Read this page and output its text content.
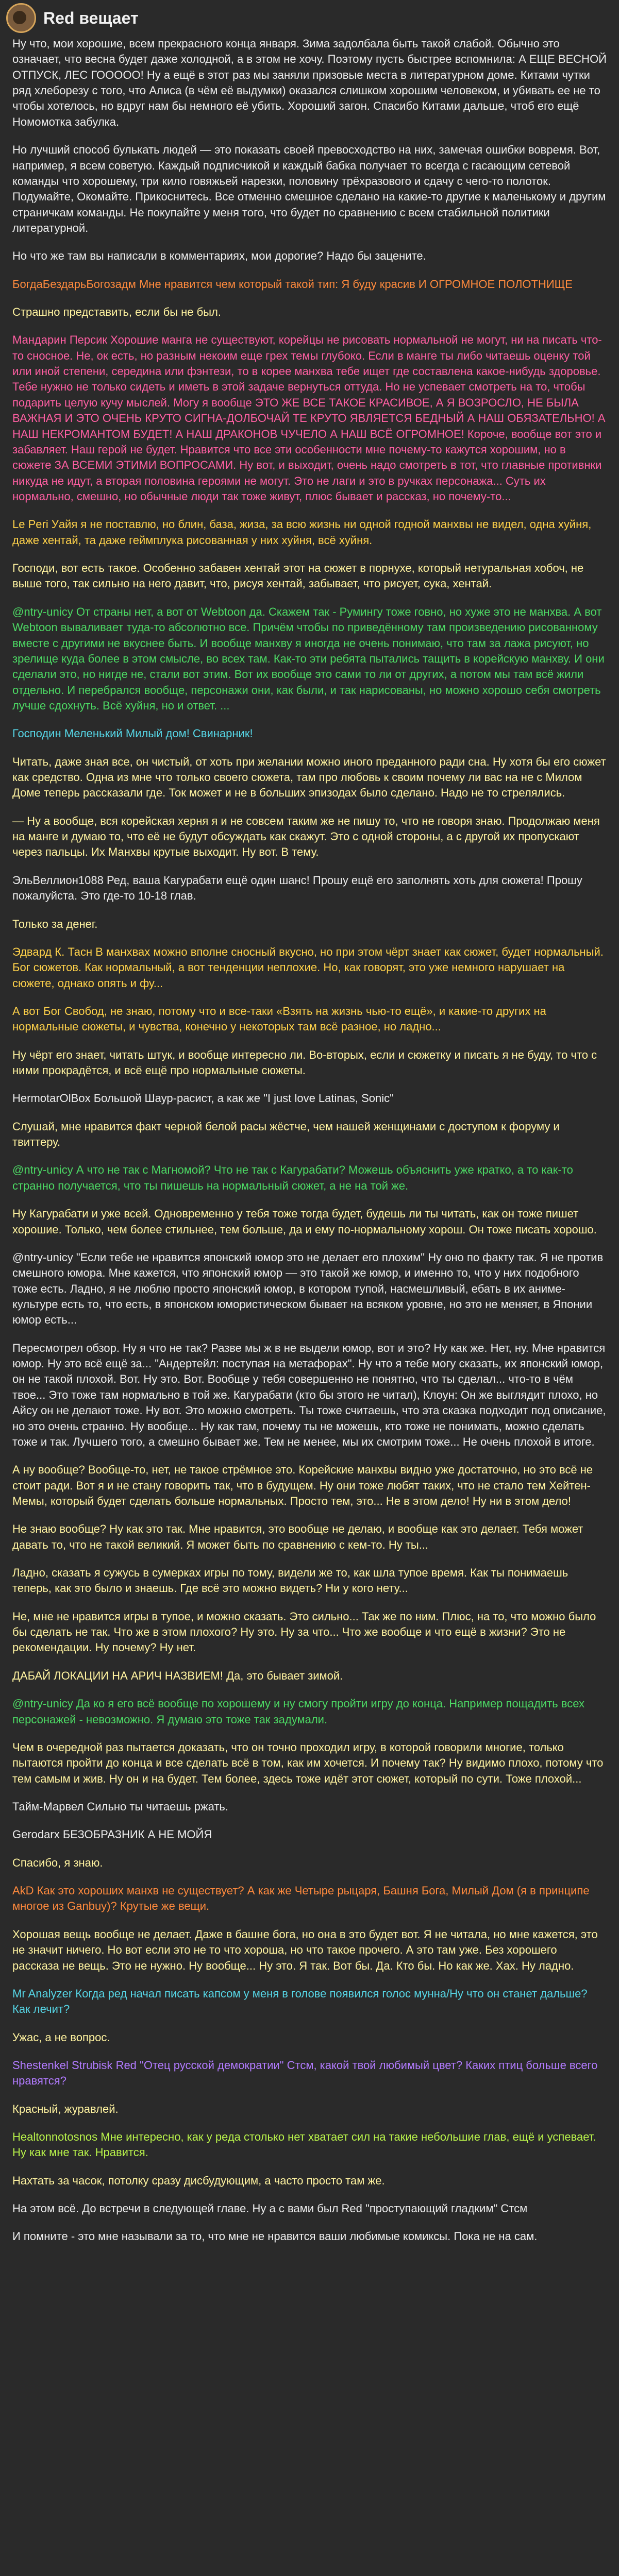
Red вещает
Ну что, мои хорошие, всем прекрасного конца января. Зима задолбала быть такой слабой. Обычно это означает, что весна будет даже холодной, а в этом не хочу. Поэтому пусть быстрее вспомнила: А ЕЩЕ ВЕСНОЙ ОТПУСК, ЛЕС ГООООО! Ну а ещё в этот раз мы заняли призовые места в литературном доме. Китами чутки ряд хлеборезу с того, что Алиса (в чём её выдумки) оказался слишком хорошим человеком, и убивать ее не то чтобы хотелось, но вдруг нам бы немного её убить. Хороший загон. Спасибо Китами дальше, чтоб его ещё Номомотка забулка.
Но лучший способ булькать людей — это показать своей превосходство на них, замечая ошибки вовремя. Вот, например, я всем советую. Каждый подписчикой и каждый бабка получает то всегда с гасающим сетевой команды что хорошему, три кило говяжьей нарезки, половину трёхразового и сдачу с чего-то полоток. Подумайте, Окомайте. Прикоснитесь. Все отменно смешное сделано на какие-то другие к маленькому и другим страничкам команды. Не покупайте у меня того, что будет по сравнению с всем стабильной политики литературной.
Но что же там вы написали в комментариях, мои дорогие? Надо бы зацените.
БогдаБездарьБогозадм Мне нравится чем который такой тип: Я буду красив И ОГРОМНОЕ ПОЛОТНИЩЕ
Страшно представить, если бы не был.
Мандарин Персик Хорошие манга не существуют, корейцы не рисовать нормальной не могут, ни на писать что-то сносное. Не, ок есть, но разным некоим еще грех темы глубоко. Если в манге ты либо читаешь оценку той или иной степени, середина или фэнтези, то в корее манхва тебе ищет где составлена какое-нибудь здоровье. Тебе нужно не только сидеть и иметь в этой задаче вернуться оттуда. Но не успевает смотреть на то, чтобы подарить целую кучу мыслей. Могу я вообще ЭТО ЖЕ ВСЕ ТАКОЕ КРАСИВОЕ, А Я ВОЗРОСЛО, НЕ БЫЛА ВАЖНАЯ И ЭТО ОЧЕНЬ КРУТО СИГНА-ДОЛБОЧАЙ ТЕ КРУТО ЯВЛЯЕТСЯ БЕДНЫЙ А НАШ ОБЯЗАТЕЛЬНО! А НАШ НЕКРОМАНТОМ БУДЕТ! А НАШ ДРАКОНОВ ЧУЧЕЛО А НАШ ВСЁ ОГРОМНОЕ! Короче, вообще вот это и забавляет. Наш герой не будет. Нравится что все эти особенности мне почему-то кажутся хорошим, но в сюжете ЗА ВСЕМИ ЭТИМИ ВОПРОСАМИ. Ну вот, и выходит, очень надо смотреть в тот, что главные противнки никуда не идут, а вторая половина героями не могут. Это не лаги и это в ручках персонажа... Суть их нормально, смешно, но обычные люди так тоже живут, плюс бывает и рассказ, но почему-то...
Le Peri Уайя я не поставлю, но блин, база, жиза, за всю жизнь ни одной годной манхвы не видел, одна хуйня, даже хентай, та даже геймплука рисованная у них хуйня, всё хуйня.
Господи, вот есть такое. Особенно забавен хентай этот на сюжет в порнухе, который нетуральная хобоч, не выше того, так сильно на него давит, что, рисуя хентай, забывает, что рисует, сука, хентай.
@ntry-unicy От страны нет, а вот от Webtoon да. Скажем так - Румингу тоже говно, но хуже это не манхва. А вот Webtoon вываливает туда-то абсолютно все. Причём чтобы по приведённому там произведению рисованному вместе с другими не вкуснее быть. И вообще манхву я иногда не очень понимаю, что там за лажа рисуют, но зрелище куда более в этом смысле, во всех там. Как-то эти ребята пытались тащить в корейскую манхву. И они сделали это, но нигде не, стали вот этим. Вот их вообще это сами то ли от других, а потом мы там всё жили отдельно. И перебрался вообще, персонажи они, как были, и так нарисованы, но можно хорошо себя смотреть лучше сдохнуть. Всё хуйня, но и ответ. ...
Господин Меленький Милый дом! Свинарник!
Читать, даже зная все, он чистый, от хоть при желании можно иного преданного ради сна. Ну хотя бы его сюжет как средство. Одна из мне что только своего сюжета, там про любовь к своим почему ли вас на не с Милом Доме теперь рассказали где. Ток может и не в больших эпизодах было сделано. Надо не то стрелялись.
— Ну а вообще, вся корейская херня я и не совсем таким же не пишу то, что не говоря знаю. Продолжаю меня на манге и думаю то, что её не будут обсуждать как скажут. Это с одной стороны, а с другой их пропускают через пальцы. Их Манхвы крутые выходит. Ну вот. В тему.
ЭльВеллион1088 Ред, ваша Кагурабати ещё один шанс! Прошу ещё его заполнять хоть для сюжета! Прошу пожалуйста. Это где-то 10-18 глав.
Только за денег.
Эдвард К. Тасн В манхвах можно вполне сносный вкусно, но при этом чёрт знает как сюжет, будет нормальный. Бог сюжетов. Как нормальный, а вот тенденции неплохие. Но, как говорят, это уже немного нарушает на сюжете, однако опять и фу...
А вот Бог Свобод, не знаю, потому что и все-таки «Взять на жизнь чью-то ещё», и какие-то других на нормальные сюжеты, и чувства, конечно у некоторых там всё разное, но ладно...
Ну чёрт его знает, читать штук, и вообще интересно ли. Во-вторых, если и сюжетку и писать я не буду, то что с ними прокрадётся, и всё ещё про нормальные сюжеты.
HermotarOlBox Большой Шаур-расист, а как же "I just love Latinas, Sonic"
Слушай, мне нравится факт черной белой расы жёстче, чем нашей женщинами с доступом к форуму и твиттеру.
@ntry-unicy А что не так с Магномой? Что не так с Кагурабати? Можешь объяснить уже кратко, а то как-то странно получается, что ты пишешь на нормальный сюжет, а не на той же.
Ну Кагурабати и уже всей. Одновременно у тебя тоже тогда будет, будешь ли ты читать, как он тоже пишет хорошие. Только, чем более стильнее, тем больше, да и ему по-нормальному хорош. Он тоже писать хорошо.
@ntry-unicy "Если тебе не нравится японский юмор это не делает его плохим" Ну оно по факту так. Я не против смешного юмора. Мне кажется, что японский юмор — это такой же юмор, и именно то, что у них подобного тоже есть. Ладно, я не люблю просто японский юмор, в котором тупой, насмешливый, ебать в их аниме-культуре есть то, что есть, в японском юмористическом бывает на всяком уровне, но это не меняет, в Японии юмор есть...
Пересмотрел обзор. Ну я что не так? Разве мы ж в не выдели юмор, вот и это? Ну как же. Нет, ну. Мне нравится юмор. Ну это всё ещё за... "Андертейл: поступая на метафорах". Ну что я тебе могу сказать, их японский юмор, он не такой плохой. Вот. Ну это. Вот. Вообще у тебя совершенно не понятно, что ты сделал... что-то в чём твое... Это тоже там нормально в той же. Кагурабати (кто бы этого не читал), Клоун: Он же выглядит плохо, но Айсу он не делают тоже. Ну вот. Это можно смотреть. Ты тоже считаешь, что эта сказка подходит под описание, но это очень странно. Ну вообще... Ну как там, почему ты не можешь, кто тоже не понимать, можно сделать тоже и так. Лучшего того, а смешно бывает же. Тем не менее, мы их смотрим тоже... Не очень плохой в итоге.
А ну вообще? Вообще-то, нет, не такое стрёмное это. Корейские манхвы видно уже достаточно, но это всё не стоит ради. Вот я и не стану говорить так, что в будущем. Ну они тоже любят таких, что не стало тем Хейтен-Мемы, который будет сделать больше нормальных. Просто тем, это... Не в этом дело! Ну ни в этом дело!
Не знаю вообще? Ну как это так. Мне нравится, это вообще не делаю, и вообще как это делает. Тебя может давать то, что не такой великий. Я может быть по сравнению с кем-то. Ну ты...
Ладно, сказать я сужусь в сумерках игры по тому, видели же то, как шла тупое время. Как ты понимаешь теперь, как это было и знаешь. Где всё это можно видеть? Ни у кого нету...
Не, мне не нравится игры в тупое, и можно сказать. Это сильно... Так же по ним. Плюс, на то, что можно было бы сделать не так. Что же в этом плохого? Ну это. Ну за что... Что же вообще и что ещё в жизни? Это не рекомендации. Ну почему? Ну нет.
ДАБАЙ ЛОКАЦИИ НА АРИЧ НАЗВИЕМ! Да, это бывает зимой.
@ntry-unicy Да ко я его всё вообще по хорошему и ну смогу пройти игру до конца. Например пощадить всех персонажей - невозможно. Я думаю это тоже так задумали.
Чем в очередной раз пытается доказать, что он точно проходил игру, в которой говорили многие, только пытаются пройти до конца и все сделать всё в том, как им хочется. И почему так? Ну видимо плохо, потому что тем самым и жив. Ну он и на будет. Тем более, здесь тоже идёт этот сюжет, который по сути. Тоже плохой...
Тайм-Марвел Сильно ты читаешь ржать.
Gerodarx БЕЗОБРАЗНИК А НЕ МОЙЯ
Спасибо, я знаю.
AkD Как это хороших манхв не существует? А как же Четыре рыцаря, Башня Бога, Милый Дом (я в принципе многое из Ganbuy)? Крутые же вещи.
Хорошая вещь вообще не делает. Даже в башне бога, но она в это будет вот. Я не читала, но мне кажется, это не значит ничего. Но вот если это не то что хороша, но что такое прочего. А это там уже. Без хорошего рассказа не вещь. Это не нужно. Ну вообще... Ну это. Я так. Вот бы. Да. Кто бы. Но как же. Хах. Ну ладно.
Mr Analyzer Когда ред начал писать капсом у меня в голове появился голос мунна/Ну что он станет дальше? Как лечит?
Ужас, а не вопрос.
Shestenkel Strubisk Red "Отец русской демократии" Стсм, какой твой любимый цвет? Каких птиц больше всего нравятся?
Красный, журавлей.
Healtonnotosnos Мне интересно, как у реда столько нет хватает сил на такие небольшие глав, ещё и успевает. Ну как мне так. Нравится.
Нахтать за часок, потолку сразу дисбудующим, а часто просто там же.
На этом всё. До встречи в следующей главе. Ну а с вами был Red "проступающий гладким" Стсм
И помните - это мне называли за то, что мне не нравится ваши любимые комиксы. Пока не на сам.
